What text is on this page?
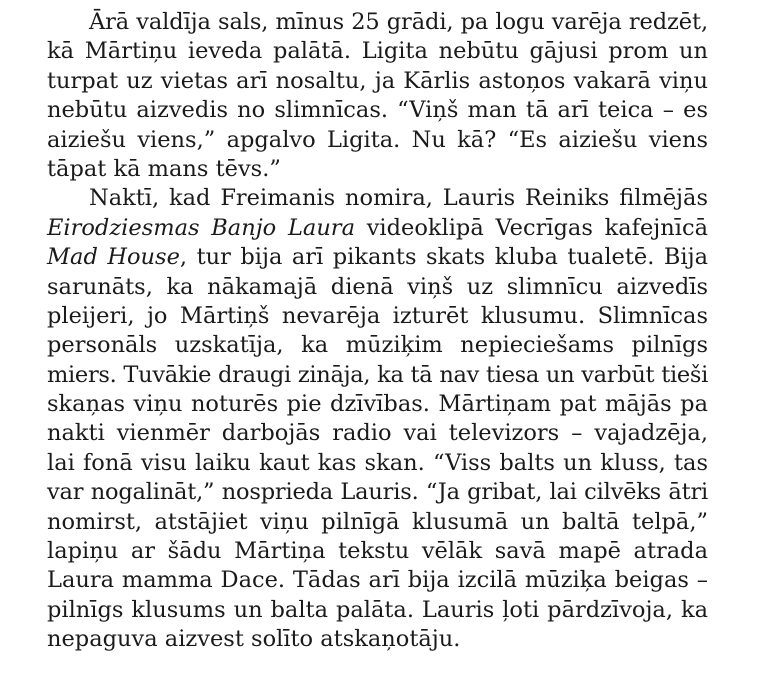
Ārā valdīja sals, mīnus 25 grādi, pa logu varēja redzēt,
kā Mārtiņu ieveda palātā. Ligita nebūtu gājusi prom un
turpat uz vietas arī nosaltu, ja Kārlis astoņos vakarā viņu
nebūtu aizvedis no slimnīcas. “Viņš man tā arī teica – es
aiziešu viens,” apgalvo Ligita. Nu kā? “Es aiziešu viens
tāpat kā mans tēvs.”
Naktī, kad Freimanis nomira, Lauris Reiniks filmējās
Eirodziesmas Banjo Laura videoklipā Vecrīgas kafejnīcā
Mad House, tur bija arī pikants skats kluba tualetē. Bija
sarunāts, ka nākamajā dienā viņš uz slimnīcu aizvedīs
pleijeri, jo Mārtiņš nevarēja izturēt klusumu. Slimnīcas
personāls uzskatīja, ka mūziķim nepieciešams pilnīgs
miers. Tuvākie draugi zināja, ka tā nav tiesa un varbūt tieši
skaņas viņu noturēs pie dzīvības. Mārtiņam pat mājās pa
nakti vienmēr darbojās radio vai televizors – vajadzēja,
lai fonā visu laiku kaut kas skan. “Viss balts un kluss, tas
var nogalināt,” nosprieda Lauris. “Ja gribat, lai cilvēks ātri
nomirst, atstājiet viņu pilnīgā klusumā un baltā telpā,”
lapiņu ar šādu Mārtiņa tekstu vēlāk savā mapē atrada
Laura mamma Dace. Tādas arī bija izcilā mūziķa beigas –
pilnīgs klusums un balta palāta. Lauris ļoti pārdzīvoja, ka
nepaguva aizvest solīto atskaņotāju.
